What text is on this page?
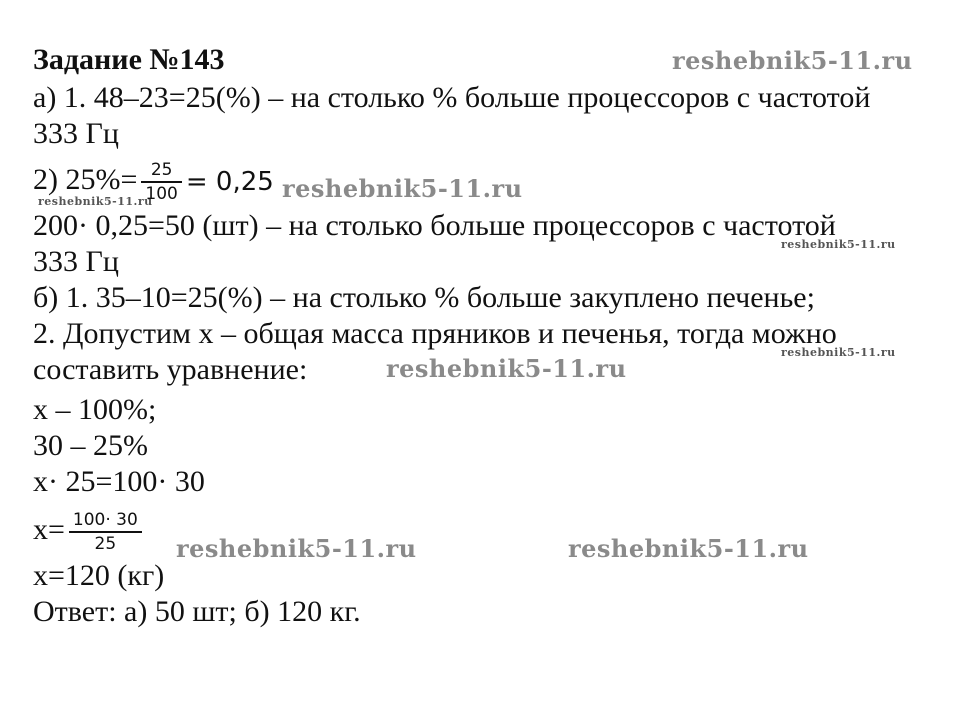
Задание №143
а) 1. 48–23=25(%) – на столько % больше процессоров с частотой
333 Гц
2) $25\%= \frac{25}{100} = 0,25$
200· 0,25=50 (шт) – на столько больше процессоров с частотой
333 Гц
б) 1. 35–10=25(%) – на столько % больше закуплено печенье;
2. Допустим х – общая масса пряников и печенья, тогда можно
составить уравнение:
х – 100%;
30 – 25%
х· 25=100· 30
$х= \frac{100\cdot 30}{25}$
х=120 (кг)
Ответ: а) 50 шт; б) 120 кг.
reshebnik5-11.ru
reshebnik5-11.ru
reshebnik5-11.ru
reshebnik5-11.ru	reshebnik5-11.ru
reshebnik5-11.ru
reshebnik5-11.ru
reshebnik5-11.ru
